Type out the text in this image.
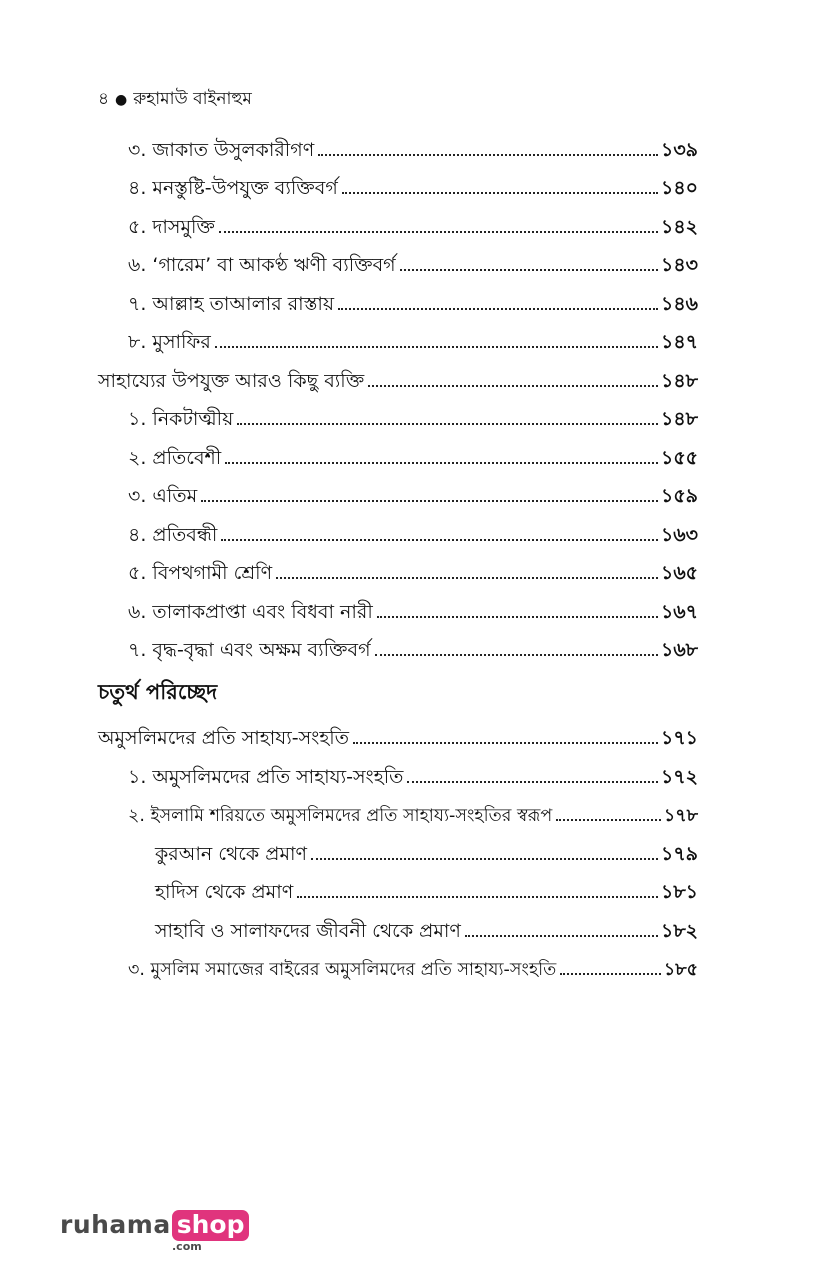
৪ ● রুহামাউ বাইনাহুম
৩. জাকাত উসুলকারীগণ	১৩৯
৪. মনস্তুষ্টি-উপযুক্ত ব্যক্তিবর্গ	১৪০
৫. দাসমুক্তি	১৪২
৬. ‘গারেম’ বা আকণ্ঠ ঋণী ব্যক্তিবর্গ	১৪৩
৭. আল্লাহ তাআলার রাস্তায়	১৪৬
৮. মুসাফির	১৪৭
সাহায্যের উপযুক্ত আরও কিছু ব্যক্তি	১৪৮
১. নিকটাত্মীয়	১৪৮
২. প্রতিবেশী	১৫৫
৩. এতিম	১৫৯
৪. প্রতিবন্ধী	১৬৩
৫. বিপথগামী শ্রেণি	১৬৫
৬. তালাকপ্রাপ্তা এবং বিধবা নারী	১৬৭
৭. বৃদ্ধ-বৃদ্ধা এবং অক্ষম ব্যক্তিবর্গ	১৬৮
চতুর্থ পরিচ্ছেদ
অমুসলিমদের প্রতি সাহায্য-সংহতি	১৭১
১. অমুসলিমদের প্রতি সাহায্য-সংহতি	১৭২
২. ইসলামি শরিয়তে অমুসলিমদের প্রতি সাহায্য-সংহতির স্বরূপ	১৭৮
কুরআন থেকে প্রমাণ	১৭৯
হাদিস থেকে প্রমাণ	১৮১
সাহাবি ও সালাফদের জীবনী থেকে প্রমাণ	১৮২
৩. মুসলিম সমাজের বাইরের অমুসলিমদের প্রতি সাহায্য-সংহতি	১৮৫
ruhama shop
.com
